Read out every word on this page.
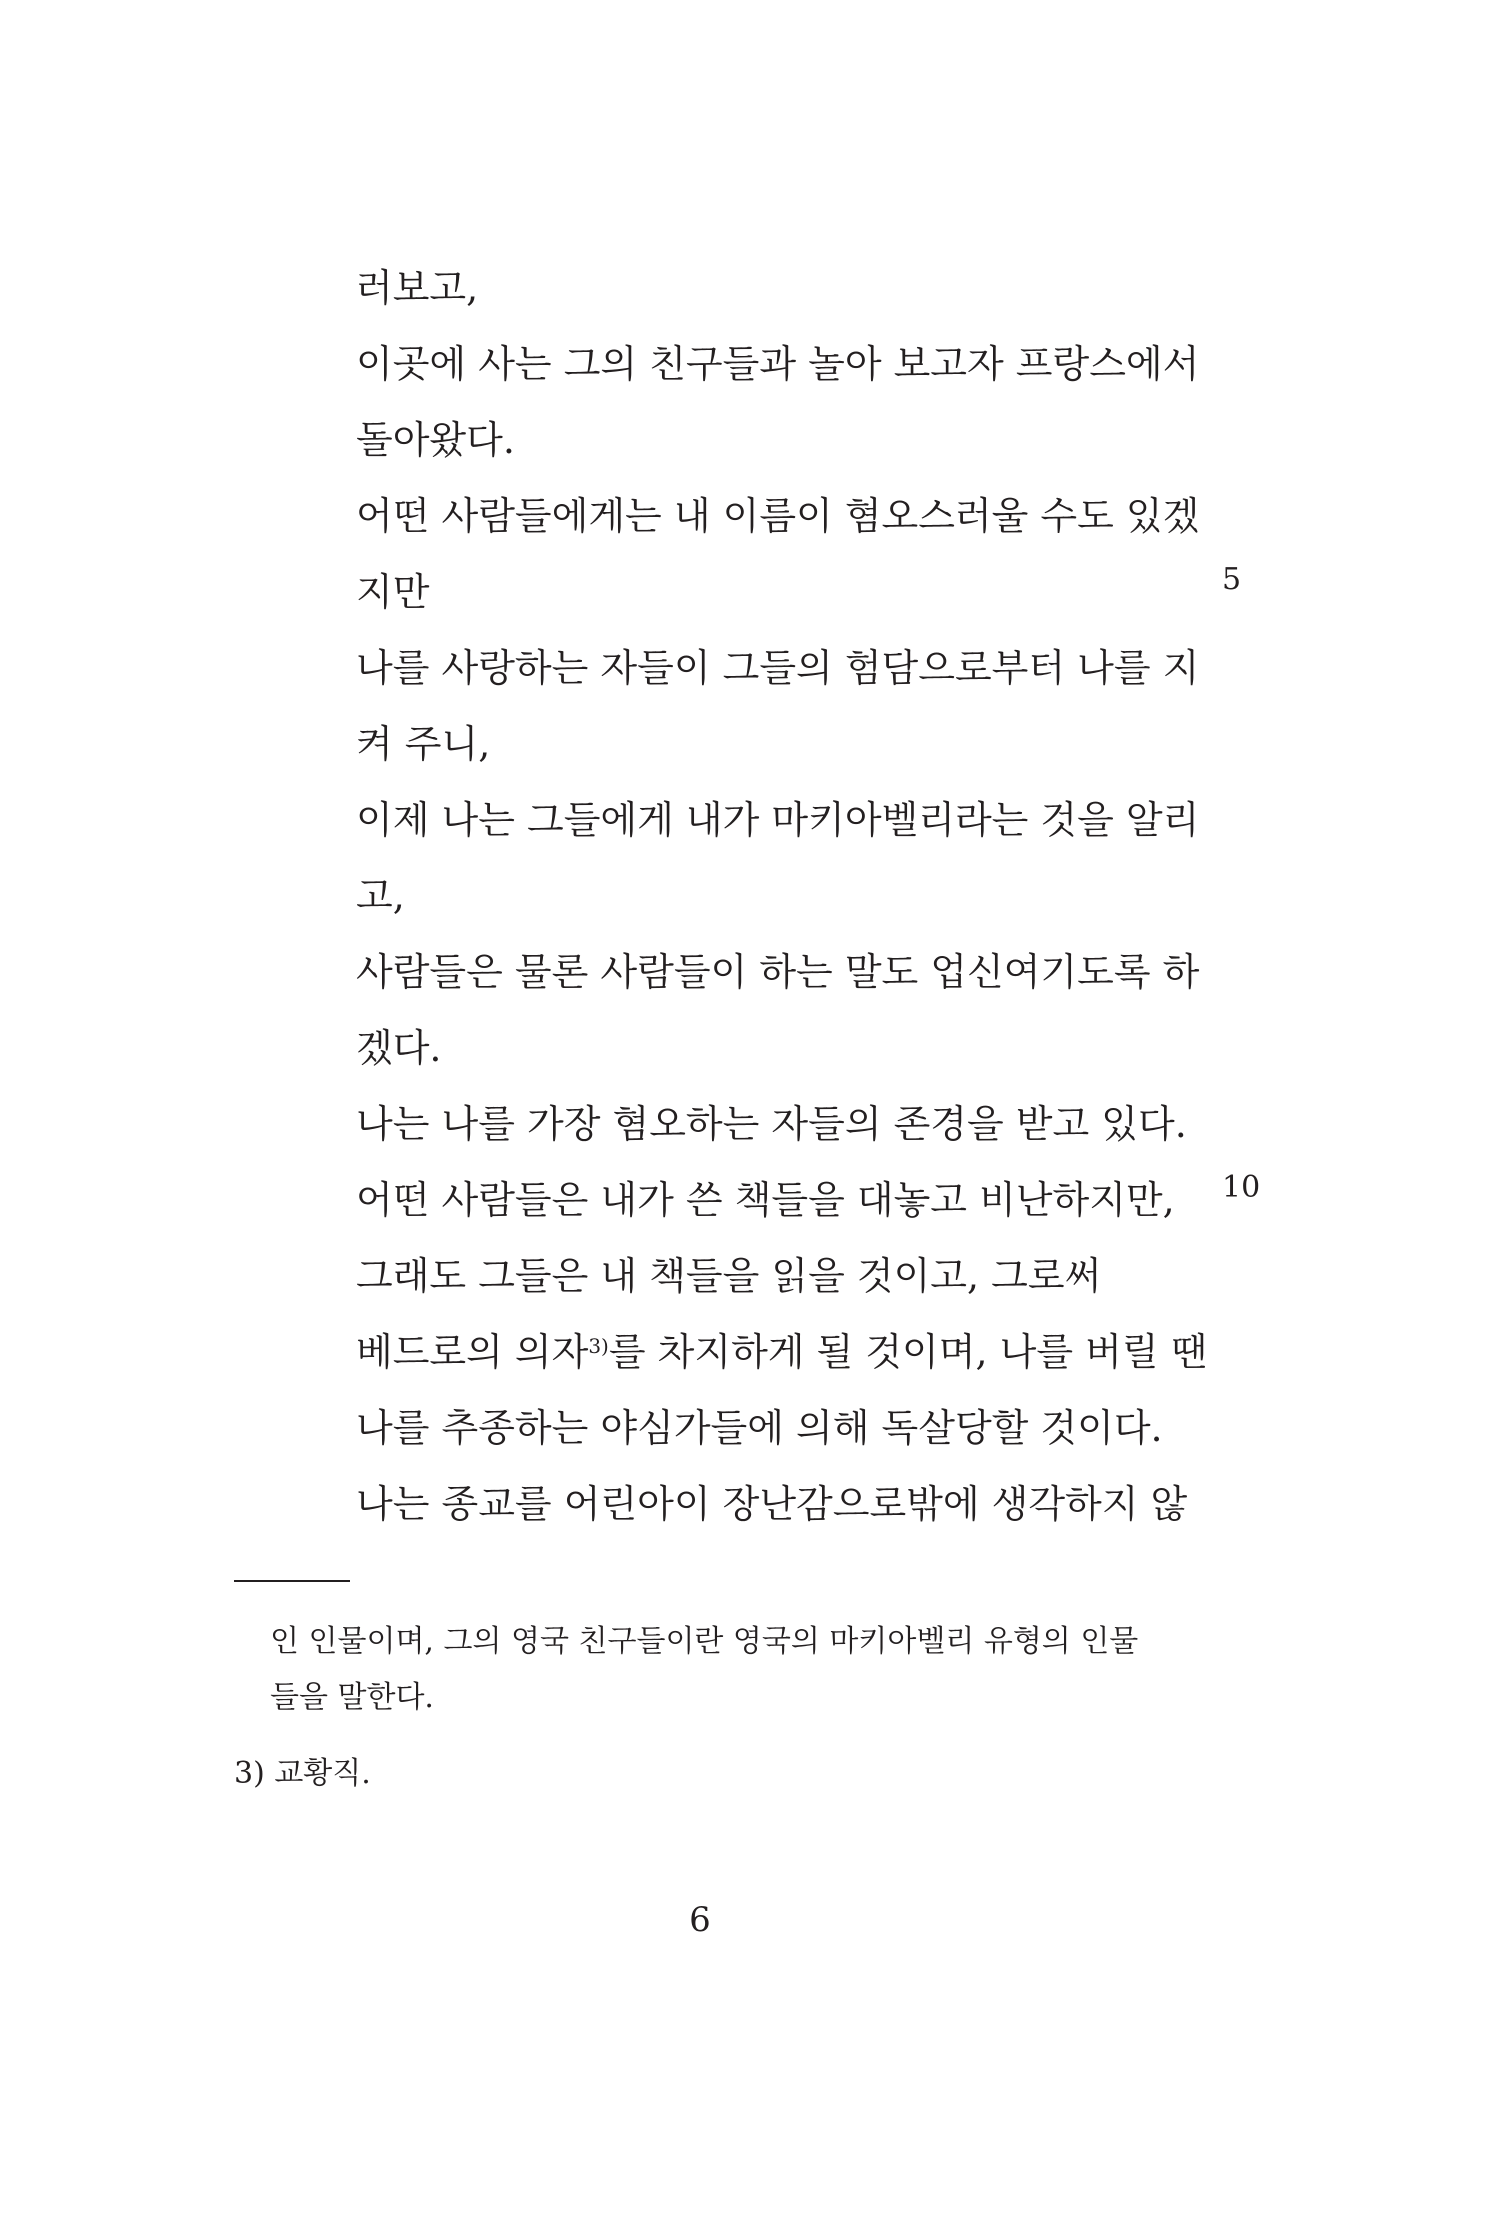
러보고,
이곳에 사는 그의 친구들과 놀아 보고자 프랑스에서
돌아왔다.
어떤 사람들에게는 내 이름이 혐오스러울 수도 있겠
지만
나를 사랑하는 자들이 그들의 험담으로부터 나를 지
켜 주니,
이제 나는 그들에게 내가 마키아벨리라는 것을 알리
고,
사람들은 물론 사람들이 하는 말도 업신여기도록 하
겠다.
나는 나를 가장 혐오하는 자들의 존경을 받고 있다.
어떤 사람들은 내가 쓴 책들을 대놓고 비난하지만,
그래도 그들은 내 책들을 읽을 것이고, 그로써
베드로의 의자$^{3)}$를 차지하게 될 것이며, 나를 버릴 땐
나를 추종하는 야심가들에 의해 독살당할 것이다.
나는 종교를 어린아이 장난감으로밖에 생각하지 않
5
10
인 인물이며, 그의 영국 친구들이란 영국의 마키아벨리 유형의 인물
들을 말한다.
3) 교황직.
6
